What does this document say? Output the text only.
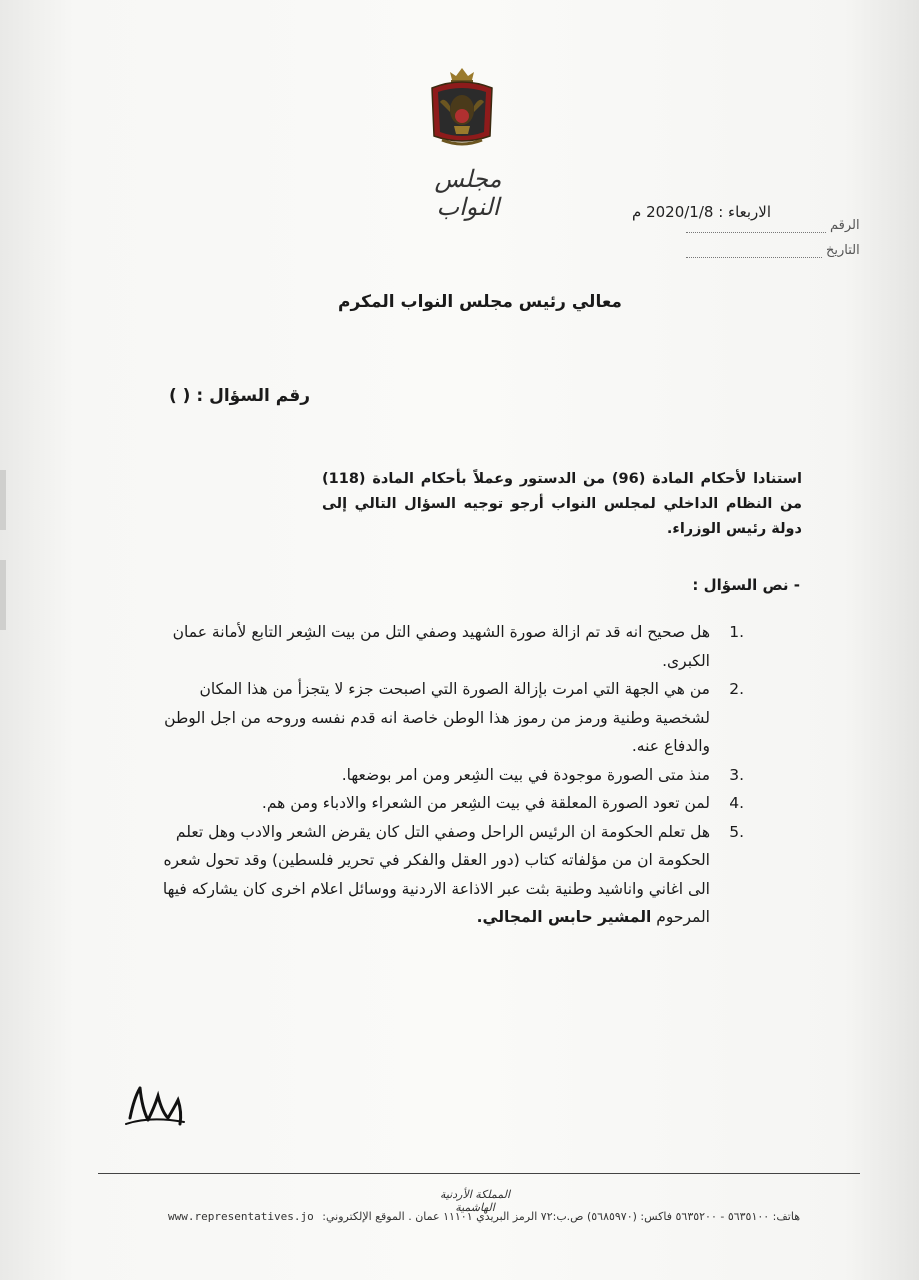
مجلس النواب	الاربعاء : 2020/1/8 م
الرقم
التاريخ
معالي رئيس مجلس النواب المكرم
رقم السؤال : ( )
استنادا لأحكام المادة (96) من الدستور وعملاً بأحكام المادة (118) من النظام الداخلي لمجلس النواب أرجو توجيه السؤال التالي إلى دولة رئيس الوزراء.
- نص السؤال :
1.
هل صحيح انه قد تم ازالة صورة الشهيد وصفي التل من بيت الشِعر التابع لأمانة عمان الكبرى.
2.
من هي الجهة التي امرت بإزالة الصورة التي اصبحت جزء لا يتجزأ من هذا المكان لشخصية وطنية ورمز من رموز هذا الوطن خاصة انه قدم نفسه وروحه من اجل الوطن والدفاع عنه.
3.
منذ متى الصورة موجودة في بيت الشِعر ومن امر بوضعها.
4.
لمن تعود الصورة المعلقة في بيت الشِعر من الشعراء والادباء ومن هم.
5.
هل تعلم الحكومة ان الرئيس الراحل وصفي التل كان يقرض الشعر والادب وهل تعلم الحكومة ان من مؤلفاته كتاب (دور العقل والفكر في تحرير فلسطين) وقد تحول شعره الى اغاني واناشيد وطنية بثت عبر الاذاعة الاردنية ووسائل اعلام اخرى كان يشاركه فيها المرحوم المشير حابس المجالي.
المملكة الأردنية الهاشمية
هاتف: ٥٦٣٥١٠٠ - ٥٦٣٥٢٠٠ فاكس: (٥٦٨٥٩٧٠) ص.ب:٧٢ الرمز البريدي ١١١٠١ عمان . الموقع الإلكتروني:
www.representatives.jo
